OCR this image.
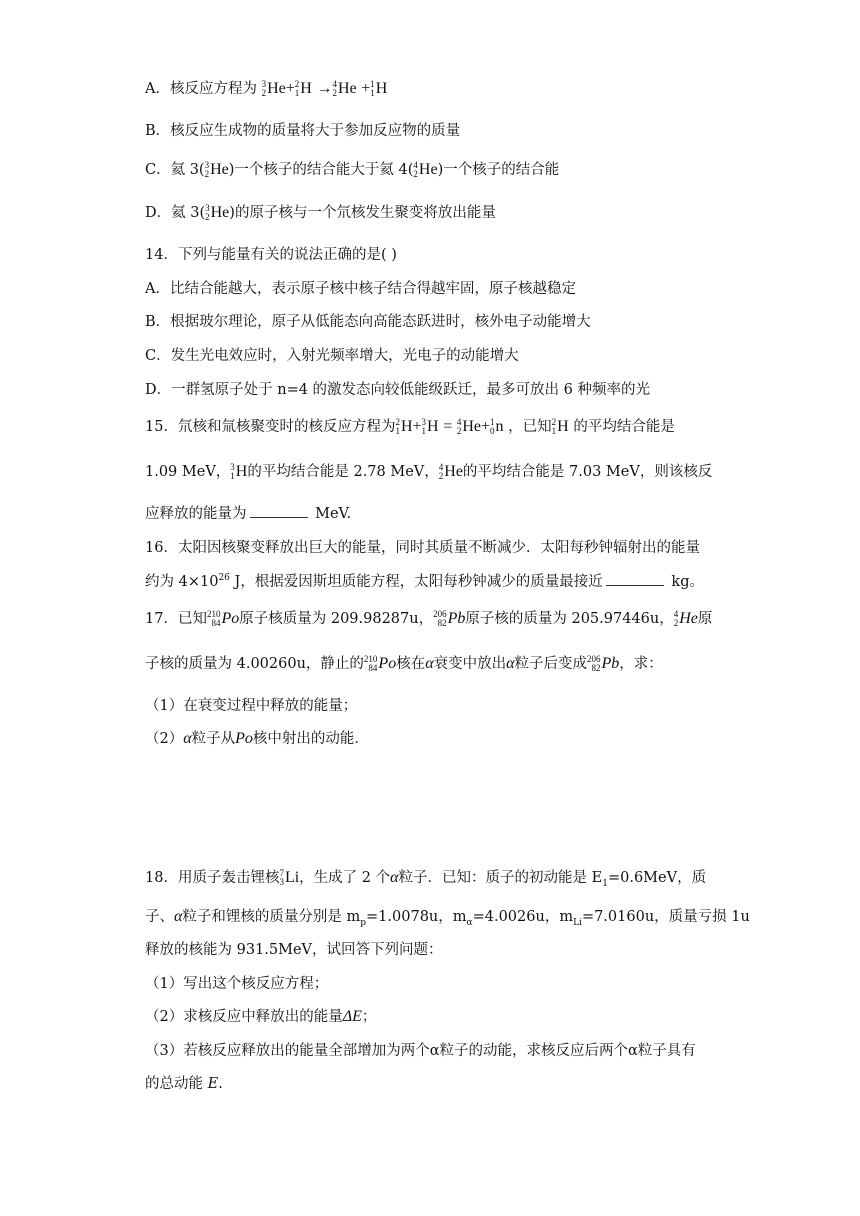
A．核反应方程为 3
2 He + 2
1 H → 4
2 He + 1
1 H
B．核反应生成物的质量将大于参加反应物的质量
C．氦 3( 3
2 He )一个核子的结合能大于氦 4( 4
2 He )一个核子的结合能
D．氦 3( 3
2 He )的原子核与一个氘核发生聚变将放出能量
14．下列与能量有关的说法正确的是( )
A．比结合能越大，表示原子核中核子结合得越牢固，原子核越稳定
B．根据玻尔理论，原子从低能态向高能态跃进时，核外电子动能增大
C．发生光电效应时，入射光频率增大，光电子的动能增大
D．一群氢原子处于 n=4 的激发态向较低能级跃迁，最多可放出 6 种频率的光
15．氘核和氚核聚变时的核反应方程为 2
1 H + 3
1 H = 4
2 He + 1
0 n ，已知 2
1 H 的平均结合能是
1.09 MeV， 3
1 H 的平均结合能是 2.78 MeV， 4
2 He 的平均结合能是 7.03 MeV，则该核反
应释放的能量为	MeV.
16．太阳因核聚变释放出巨大的能量，同时其质量不断减少．太阳每秒钟辐射出的能量
约为 $4\times 10^{26}$ J，根据爱因斯坦质能方程，太阳每秒钟减少的质量最接近	kg。
17．已知 210
84 Po 原子核质量为 209.98287u， 206
82 Pb 原子核的质量为 205.97446u， 4
2 He 原
子核的质量为 4.00260u，静止的 210
84 Po 核在α衰变中放出α粒子后变成 206
82 Pb ，求：
（1）在衰变过程中释放的能量；
（2）α粒子从Po核中射出的动能．
18．用质子轰击锂核 7
3 Li ，生成了 2 个α粒子．已知：质子的初动能是 $E_1=0.6MeV$，质
子、α粒子和锂核的质量分别是 $m_p=1.0078u$，$m_\alpha=4.0026u$，$m_{Li}=7.0160u$，质量亏损 1u
释放的核能为 931.5MeV，试回答下列问题：
（1）写出这个核反应方程；
（2）求核反应中释放出的能量ΔE；
（3）若核反应释放出的能量全部增加为两个α粒子的动能，求核反应后两个α粒子具有
的总动能 E.
